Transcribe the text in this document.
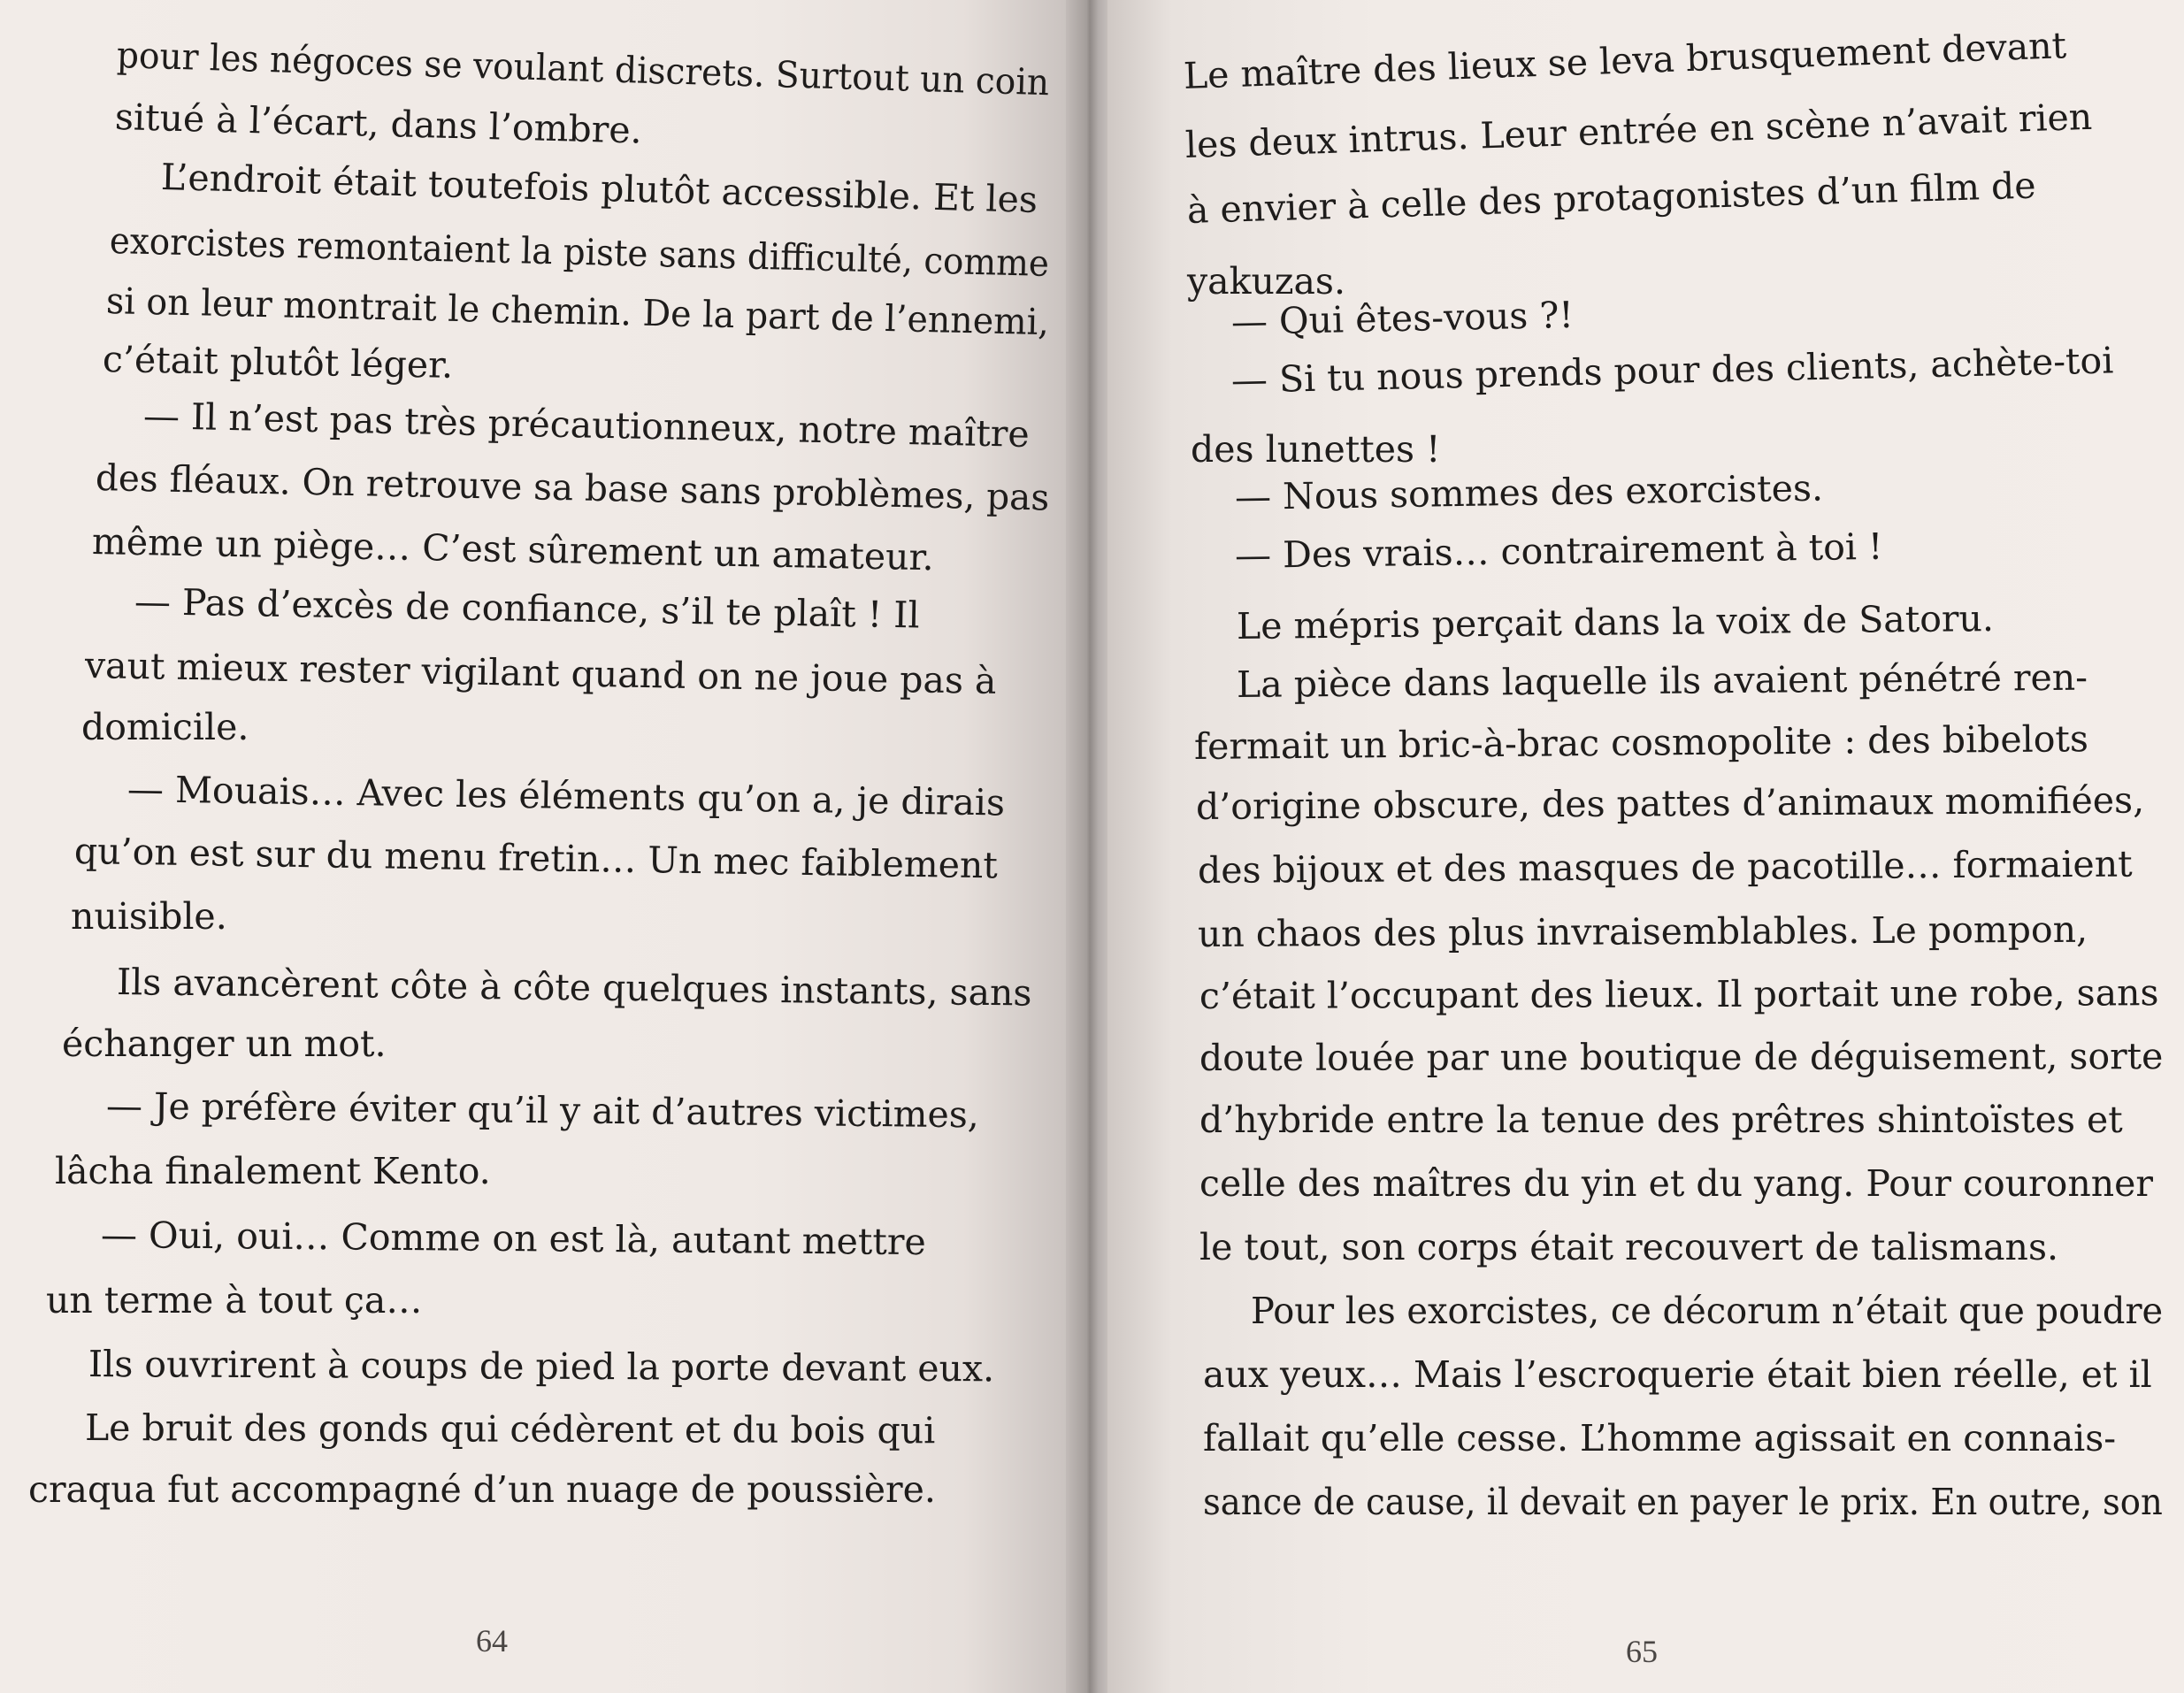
pour les négoces se voulant discrets. Surtout un coin

situé à l’écart, dans l’ombre.

L’endroit était toutefois plutôt accessible. Et les

exorcistes remontaient la piste sans difficulté, comme

si on leur montrait le chemin. De la part de l’ennemi,

c’était plutôt léger.

— Il n’est pas très précautionneux, notre maître

des fléaux. On retrouve sa base sans problèmes, pas

même un piège… C’est sûrement un amateur.

— Pas d’excès de confiance, s’il te plaît ! Il

vaut mieux rester vigilant quand on ne joue pas à

domicile.

— Mouais… Avec les éléments qu’on a, je dirais

qu’on est sur du menu fretin… Un mec faiblement

nuisible.

Ils avancèrent côte à côte quelques instants, sans

échanger un mot.

— Je préfère éviter qu’il y ait d’autres victimes,

lâcha finalement Kento.

— Oui, oui… Comme on est là, autant mettre

un terme à tout ça…

Ils ouvrirent à coups de pied la porte devant eux.

Le bruit des gonds qui cédèrent et du bois qui

craqua fut accompagné d’un nuage de poussière.

64

Le maître des lieux se leva brusquement devant

les deux intrus. Leur entrée en scène n’avait rien

à envier à celle des protagonistes d’un film de

yakuzas.

— Qui êtes-vous ?!

— Si tu nous prends pour des clients, achète-toi

des lunettes !

— Nous sommes des exorcistes.

— Des vrais… contrairement à toi !

Le mépris perçait dans la voix de Satoru.

La pièce dans laquelle ils avaient pénétré ren-

fermait un bric-à-brac cosmopolite : des bibelots

d’origine obscure, des pattes d’animaux momifiées,

des bijoux et des masques de pacotille… formaient

un chaos des plus invraisemblables. Le pompon,

c’était l’occupant des lieux. Il portait une robe, sans

doute louée par une boutique de déguisement, sorte

d’hybride entre la tenue des prêtres shintoïstes et

celle des maîtres du yin et du yang. Pour couronner

le tout, son corps était recouvert de talismans.

Pour les exorcistes, ce décorum n’était que poudre

aux yeux… Mais l’escroquerie était bien réelle, et il

fallait qu’elle cesse. L’homme agissait en connais-

sance de cause, il devait en payer le prix. En outre, son

65
